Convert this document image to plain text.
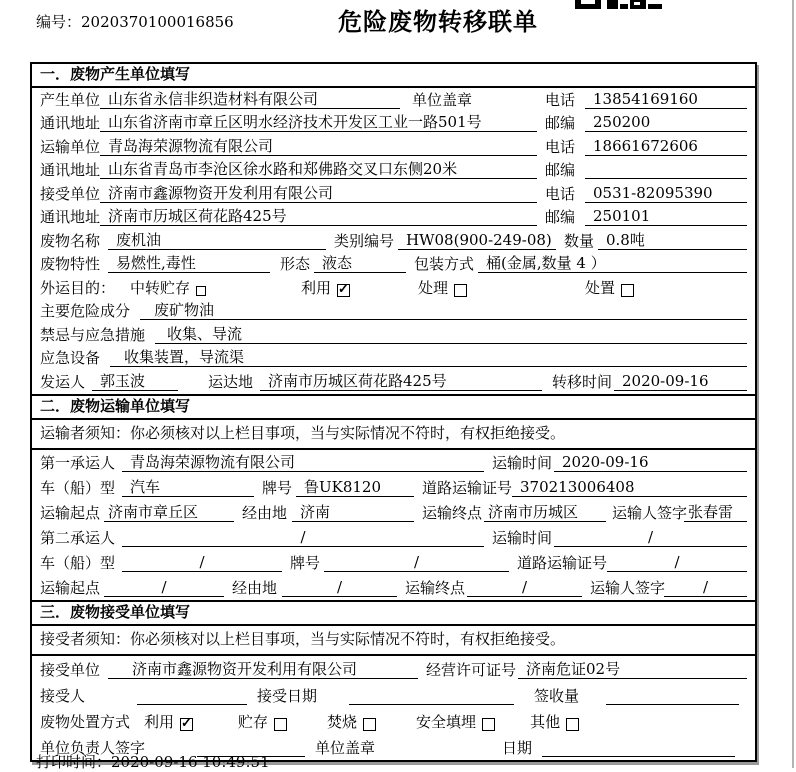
编号：2020370100016856	危险废物转移联单
一．废物产生单位填写
产生单位 山东省永信非织造材料有限公司	单位盖章	电话	13854169160
通讯地址 山东省济南市章丘区明水经济技术开发区工业一路501号	邮编	250200
运输单位 青岛海荣源物流有限公司	电话	18661672606
通讯地址 山东省青岛市李沧区徐水路和郑佛路交叉口东侧20米	邮编
接受单位 济南市鑫源物资开发利用有限公司	电话	0531-82095390
通讯地址 济南市历城区荷花路425号	邮编	250101
废物名称	废机油	类别编号 HW08(900-249-08) 数量 0.8吨
废物特性	易燃性,毒性	形态 液态	包装方式 桶(金属,数量 4 ）
外运目的： 中转贮存	利用 ✓	处理	处置
主要危险成分	废矿物油
禁忌与应急措施	收集、导流
应急设备	收集装置，导流渠
发运人 郭玉波	运达地 济南市历城区荷花路425号	转移时间 2020-09-16
二．废物运输单位填写
运输者须知：你必须核对以上栏目事项，当与实际情况不符时，有权拒绝接受。
第一承运人 青岛海荣源物流有限公司	运输时间 2020-09-16
车（船）型 汽车	牌号 鲁UK8120	道路运输证号 370213006408
运输起点 济南市章丘区	经由地 济南	运输终点 济南市历城区	运输人签字 张春雷
第二承运人	/	运输时间	/
车（船）型	/	牌号	/	道路运输证号	/
运输起点	/	经由地	/	运输终点	/	运输人签字	/
三．废物接受单位填写
接受者须知：你必须核对以上栏目事项，当与实际情况不符时，有权拒绝接受。
接受单位	济南市鑫源物资开发利用有限公司	经营许可证号 济南危证02号
接受人	接受日期	签收量
废物处置方式 利用 ✓	贮存	焚烧	安全填埋	其他
单位负责人签字	单位盖章	日期
打印时间：2020-09-16 10:49:51
